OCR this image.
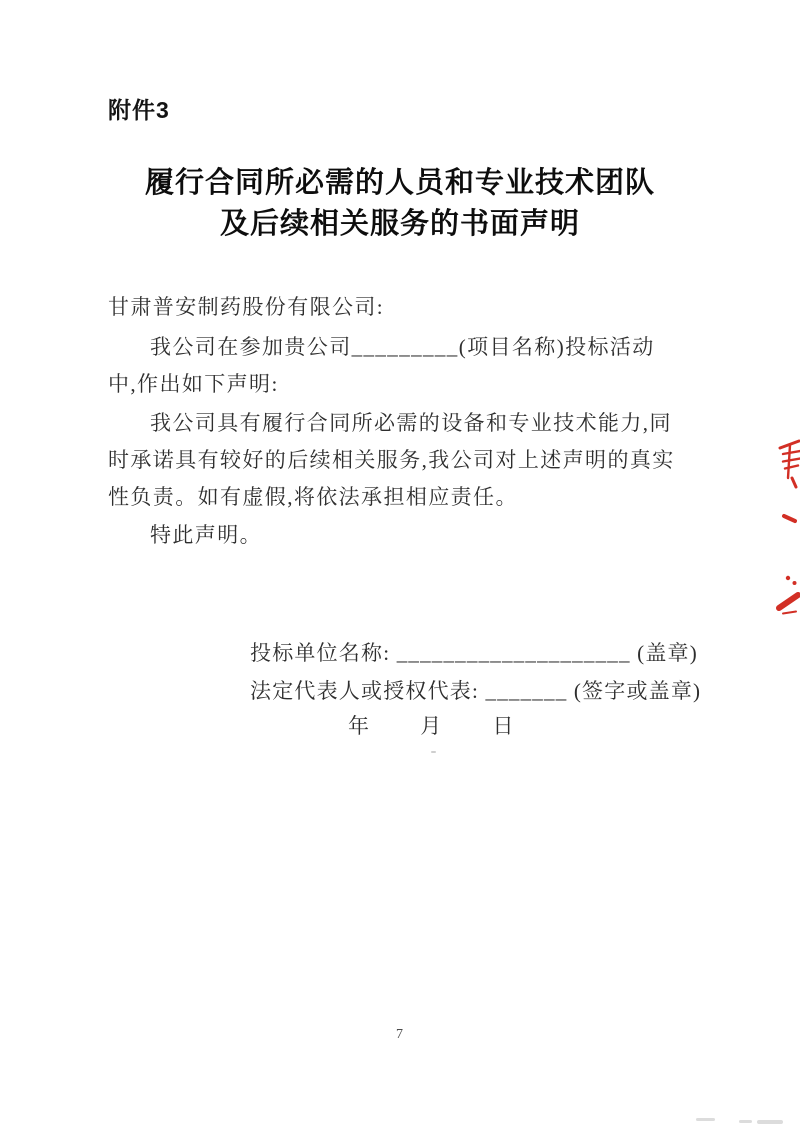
附件3
履行合同所必需的人员和专业技术团队
及后续相关服务的书面声明
甘肃普安制药股份有限公司:
我公司在参加贵公司_________(项目名称)投标活动
中,作出如下声明:
我公司具有履行合同所必需的设备和专业技术能力,同
时承诺具有较好的后续相关服务,我公司对上述声明的真实
性负责。如有虚假,将依法承担相应责任。
特此声明。
投标单位名称: ____________________ (盖章)
法定代表人或授权代表: _______ (签字或盖章)
年 月 日
7
